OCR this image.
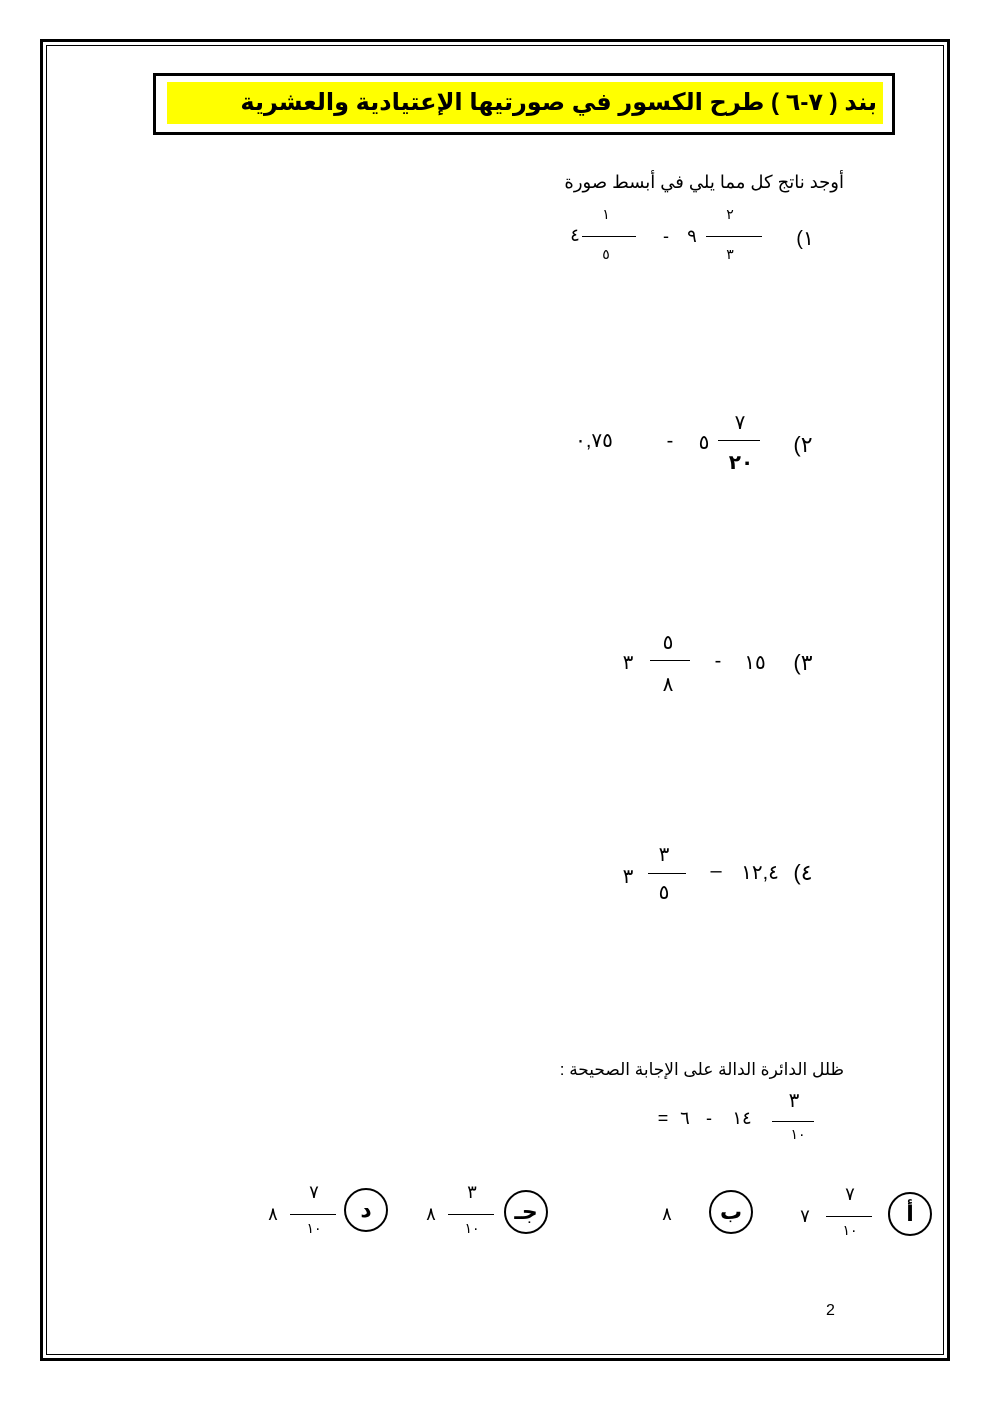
بند ( ٧-٦ ) طرح الكسور في صورتيها الإعتيادية والعشرية
أوجد ناتج كل مما يلي في أبسط صورة
١)
٢
٣
٩
-
١
٥
٤
٢)
٧
٢٠
٥
-
٠,٧٥
٣)
١٥
-
٥
٨
٣
٤)
١٢,٤
–
٣
٥
٣
ظلل الدائرة الدالة على الإجابة الصحيحة :
٣
١٠
١٤
-
٦
=
أ
٧
١٠
٧
ب
٨
جـ
٣
١٠
٨
د
٧
١٠
٨
2
